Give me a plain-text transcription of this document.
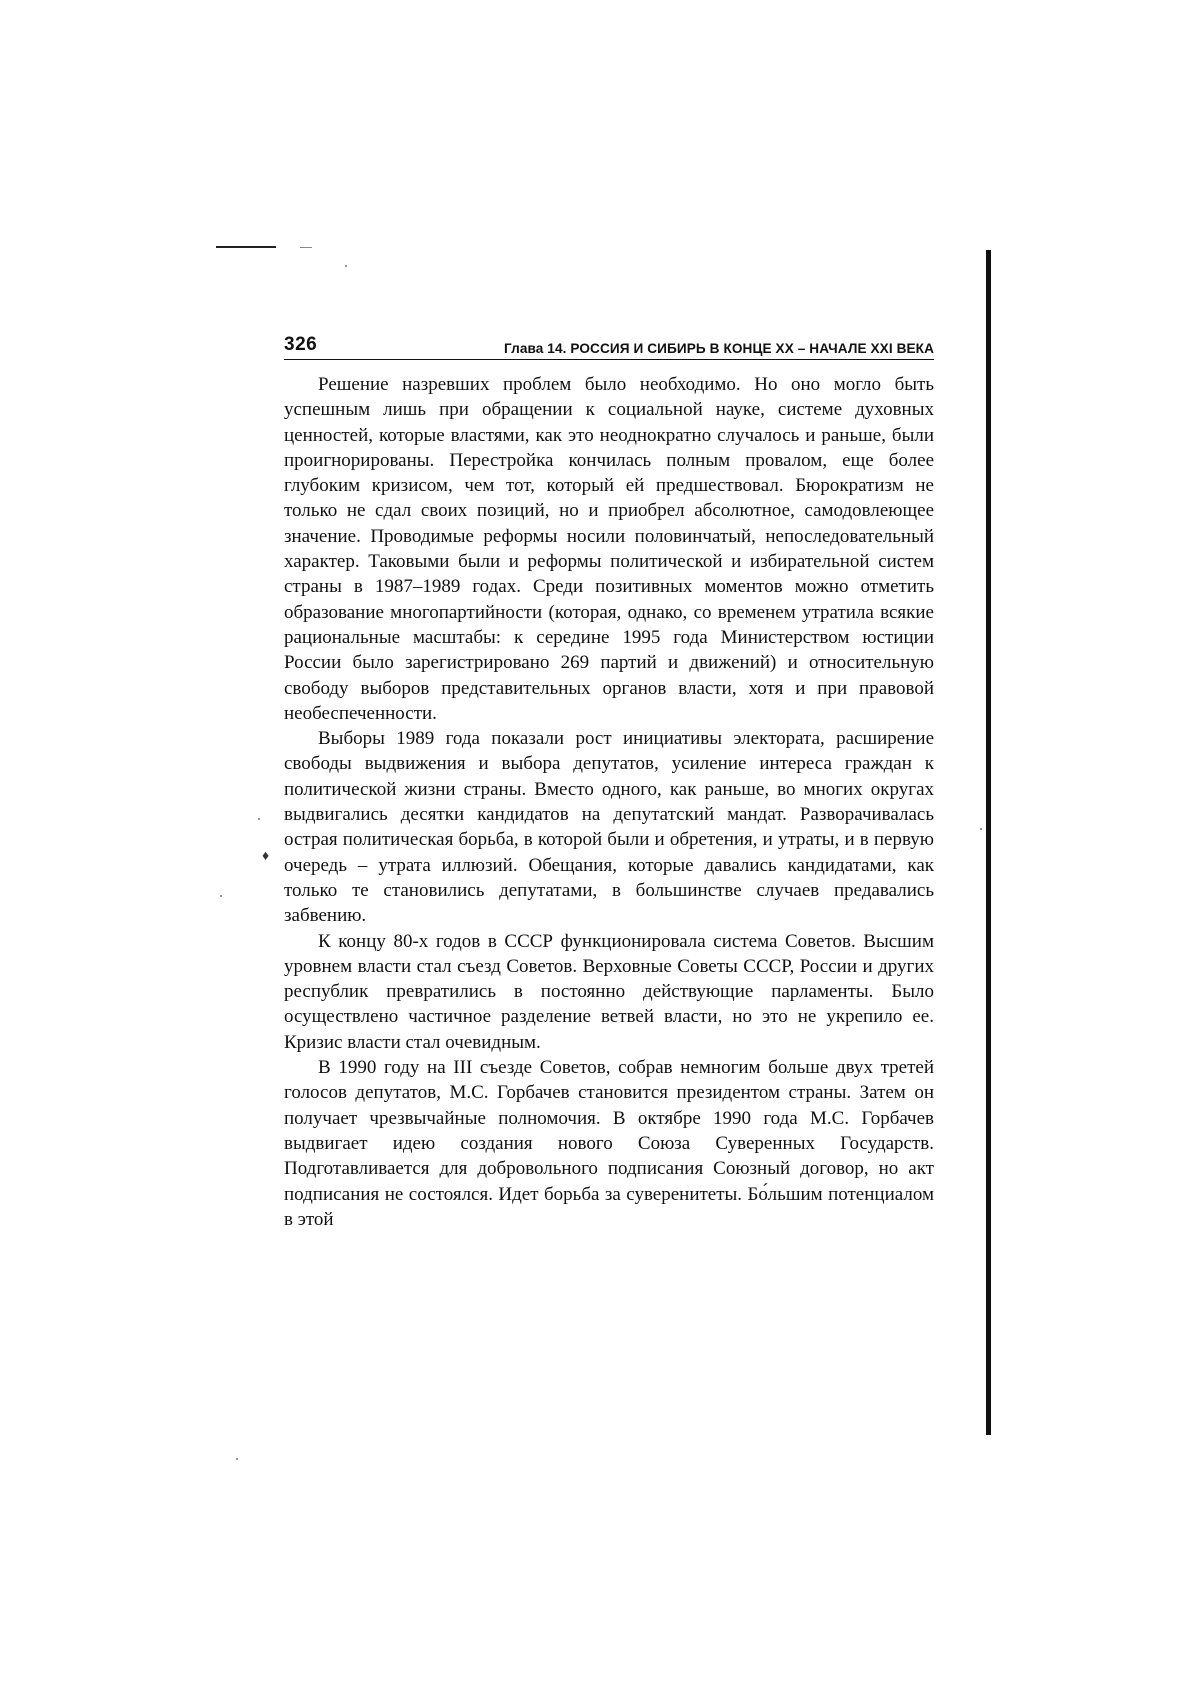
♦
326	Глава 14. РОССИЯ И СИБИРЬ В КОНЦЕ XX – НАЧАЛЕ XXI ВЕКА

Решение назревших проблем было необходимо. Но оно могло быть успешным лишь при обращении к социальной науке, системе духовных ценностей, которые властями, как это неоднократно случалось и раньше, были проигнорированы. Перестройка кончилась полным провалом, еще более глубоким кризисом, чем тот, который ей предшествовал. Бюрократизм не только не сдал своих позиций, но и приобрел абсолютное, самодовлеющее значение. Проводимые реформы носили половинчатый, непоследовательный характер. Таковыми были и реформы политической и избирательной систем страны в 1987–1989 годах. Среди позитивных моментов можно отметить образование многопартийности (которая, однако, со временем утратила всякие рациональные масштабы: к середине 1995 года Министерством юстиции России было зарегистрировано 269 партий и движений) и относительную свободу выборов представительных органов власти, хотя и при правовой необеспеченности.

Выборы 1989 года показали рост инициативы электората, расширение свободы выдвижения и выбора депутатов, усиление интереса граждан к политической жизни страны. Вместо одного, как раньше, во многих округах выдвигались десятки кандидатов на депутатский мандат. Разворачивалась острая политическая борьба, в которой были и обретения, и утраты, и в первую очередь – утрата иллюзий. Обещания, которые давались кандидатами, как только те становились депутатами, в большинстве случаев предавались забвению.

К концу 80-х годов в СССР функционировала система Советов. Высшим уровнем власти стал съезд Советов. Верховные Советы СССР, России и других республик превратились в постоянно действующие парламенты. Было осуществлено частичное разделение ветвей власти, но это не укрепило ее. Кризис власти стал очевидным.

В 1990 году на III съезде Советов, собрав немногим больше двух третей голосов депутатов, М.С. Горбачев становится президентом страны. Затем он получает чрезвычайные полномочия. В октябре 1990 года М.С. Горбачев выдвигает идею создания нового Союза Суверенных Государств. Подготавливается для добровольного подписания Союзный договор, но акт подписания не состоялся. Идет борьба за суверенитеты. Бо́льшим потенциалом в этой
